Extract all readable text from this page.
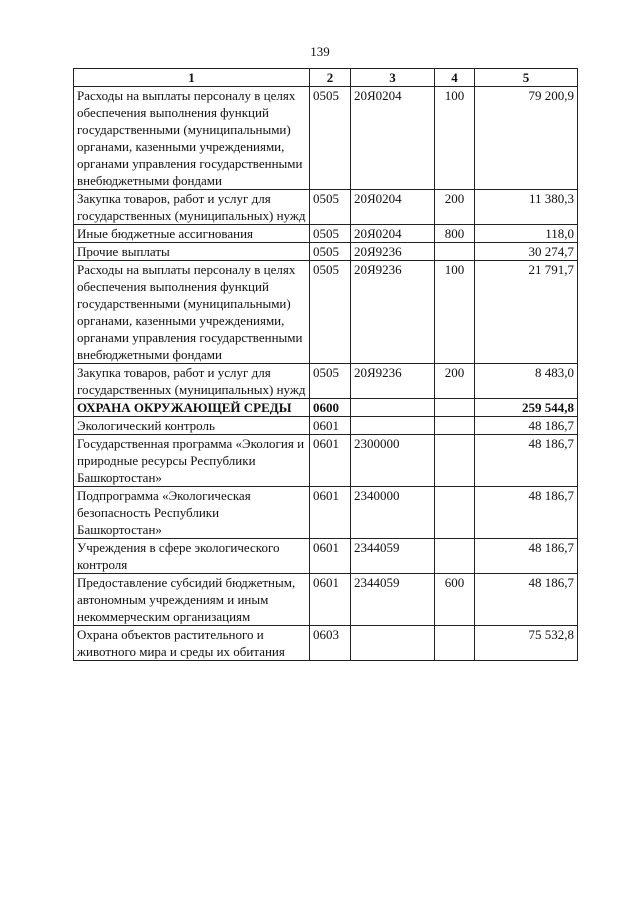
139
1	2	3	4	5
Расходы на выплаты персоналу в целях обеспечения выполнения функций государственными (муниципальными) органами, казенными учреждениями, органами управления государственными внебюджетными фондами	0505	20Я0204	100	79 200,9
Закупка товаров, работ и услуг для государственных (муниципальных) нужд	0505	20Я0204	200	11 380,3
Иные бюджетные ассигнования	0505	20Я0204	800	118,0
Прочие выплаты	0505	20Я9236		30 274,7
Расходы на выплаты персоналу в целях обеспечения выполнения функций государственными (муниципальными) органами, казенными учреждениями, органами управления государственными внебюджетными фондами	0505	20Я9236	100	21 791,7
Закупка товаров, работ и услуг для государственных (муниципальных) нужд	0505	20Я9236	200	8 483,0
ОХРАНА ОКРУЖАЮЩЕЙ СРЕДЫ	0600			259 544,8
Экологический контроль	0601			48 186,7
Государственная программа «Экология и природные ресурсы Республики Башкортостан»	0601	2300000		48 186,7
Подпрограмма «Экологическая безопасность Республики Башкортостан»	0601	2340000		48 186,7
Учреждения в сфере экологического контроля	0601	2344059		48 186,7
Предоставление субсидий бюджетным, автономным учреждениям и иным некоммерческим организациям	0601	2344059	600	48 186,7
Охрана объектов растительного и животного мира и среды их обитания	0603			75 532,8
